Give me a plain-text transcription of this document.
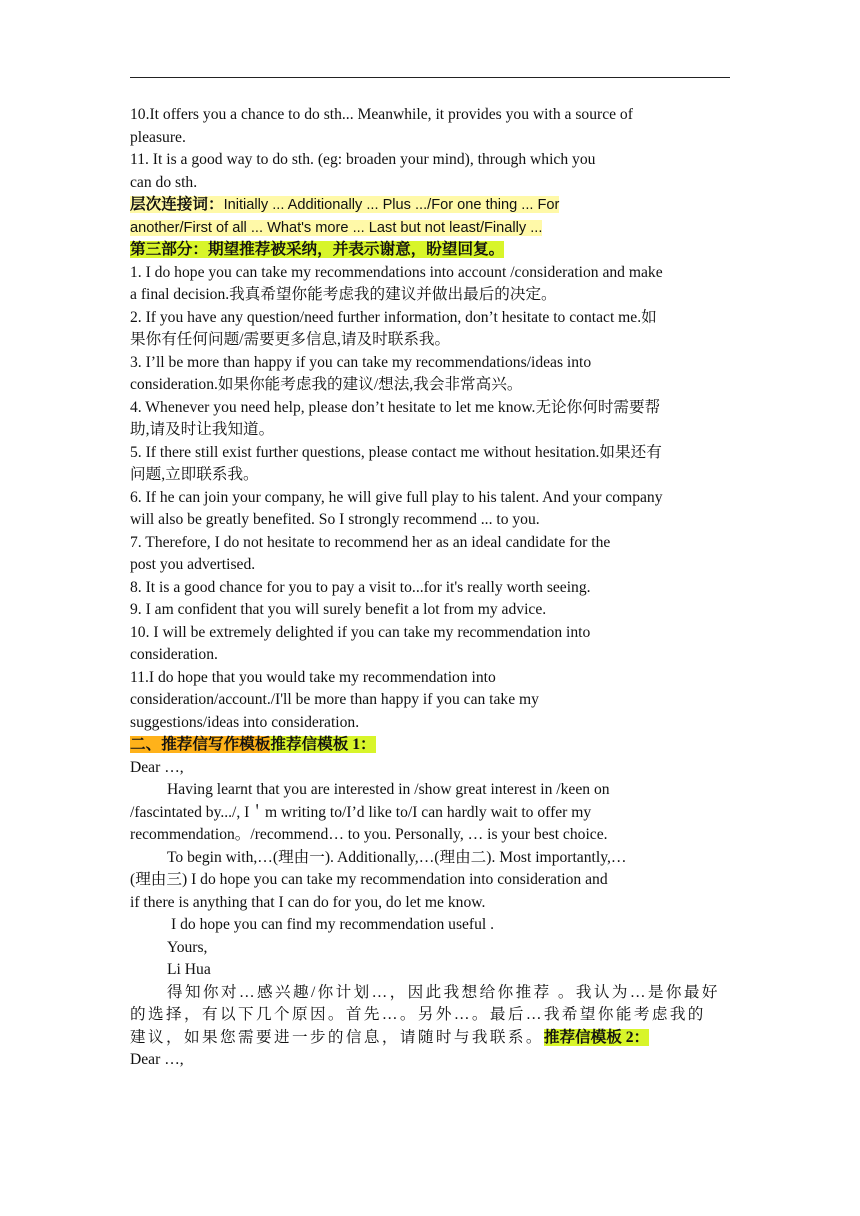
10.It offers you a chance to do sth... Meanwhile, it provides you with a source of
pleasure.
11. It is a good way to do sth. (eg: broaden your mind), through which you
can do sth.
层次连接词：Initially ... Additionally ... Plus .../For one thing ... For
another/First of all ... What's more ... Last but not least/Finally ...
第三部分：期望推荐被采纳，并表示谢意，盼望回复。
1. I do hope you can take my recommendations into account /consideration and make
a final decision.我真希望你能考虑我的建议并做出最后的决定。
2. If you have any question/need further information, don’t hesitate to contact me.如
果你有任何问题/需要更多信息,请及时联系我。
3. I’ll be more than happy if you can take my recommendations/ideas into
consideration.如果你能考虑我的建议/想法,我会非常高兴。
4. Whenever you need help, please don’t hesitate to let me know.无论你何时需要帮
助,请及时让我知道。
5. If there still exist further questions, please contact me without hesitation.如果还有
问题,立即联系我。
6. If he can join your company, he will give full play to his talent. And your company
will also be greatly benefited. So I strongly recommend ... to you.
7. Therefore, I do not hesitate to recommend her as an ideal candidate for the
post you advertised.
8. It is a good chance for you to pay a visit to...for it's really worth seeing.
9. I am confident that you will surely benefit a lot from my advice.
10. I will be extremely delighted if you can take my recommendation into
consideration.
11.I do hope that you would take my recommendation into
consideration/account./I'll be more than happy if you can take my
suggestions/ideas into consideration.
二、推荐信写作模板推荐信模板 1：
Dear …,
Having learnt that you are interested in /show great interest in /keen on
/fascintated by.../, I＇m writing to/I’d like to/I can hardly wait to offer my
recommendation。/recommend… to you. Personally, … is your best choice.
To begin with,…(理由一). Additionally,…(理由二). Most importantly,…
(理由三) I do hope you can take my recommendation into consideration and
if there is anything that I can do for you, do let me know.
I do hope you can find my recommendation useful .
Yours,
Li Hua
得知你对…感兴趣/你计划…，因此我想给你推荐 。我认为…是你最好
的选择，有以下几个原因。首先…。另外…。最后…我希望你能考虑我的
建议，如果您需要进一步的信息，请随时与我联系。推荐信模板 2：
Dear …,
